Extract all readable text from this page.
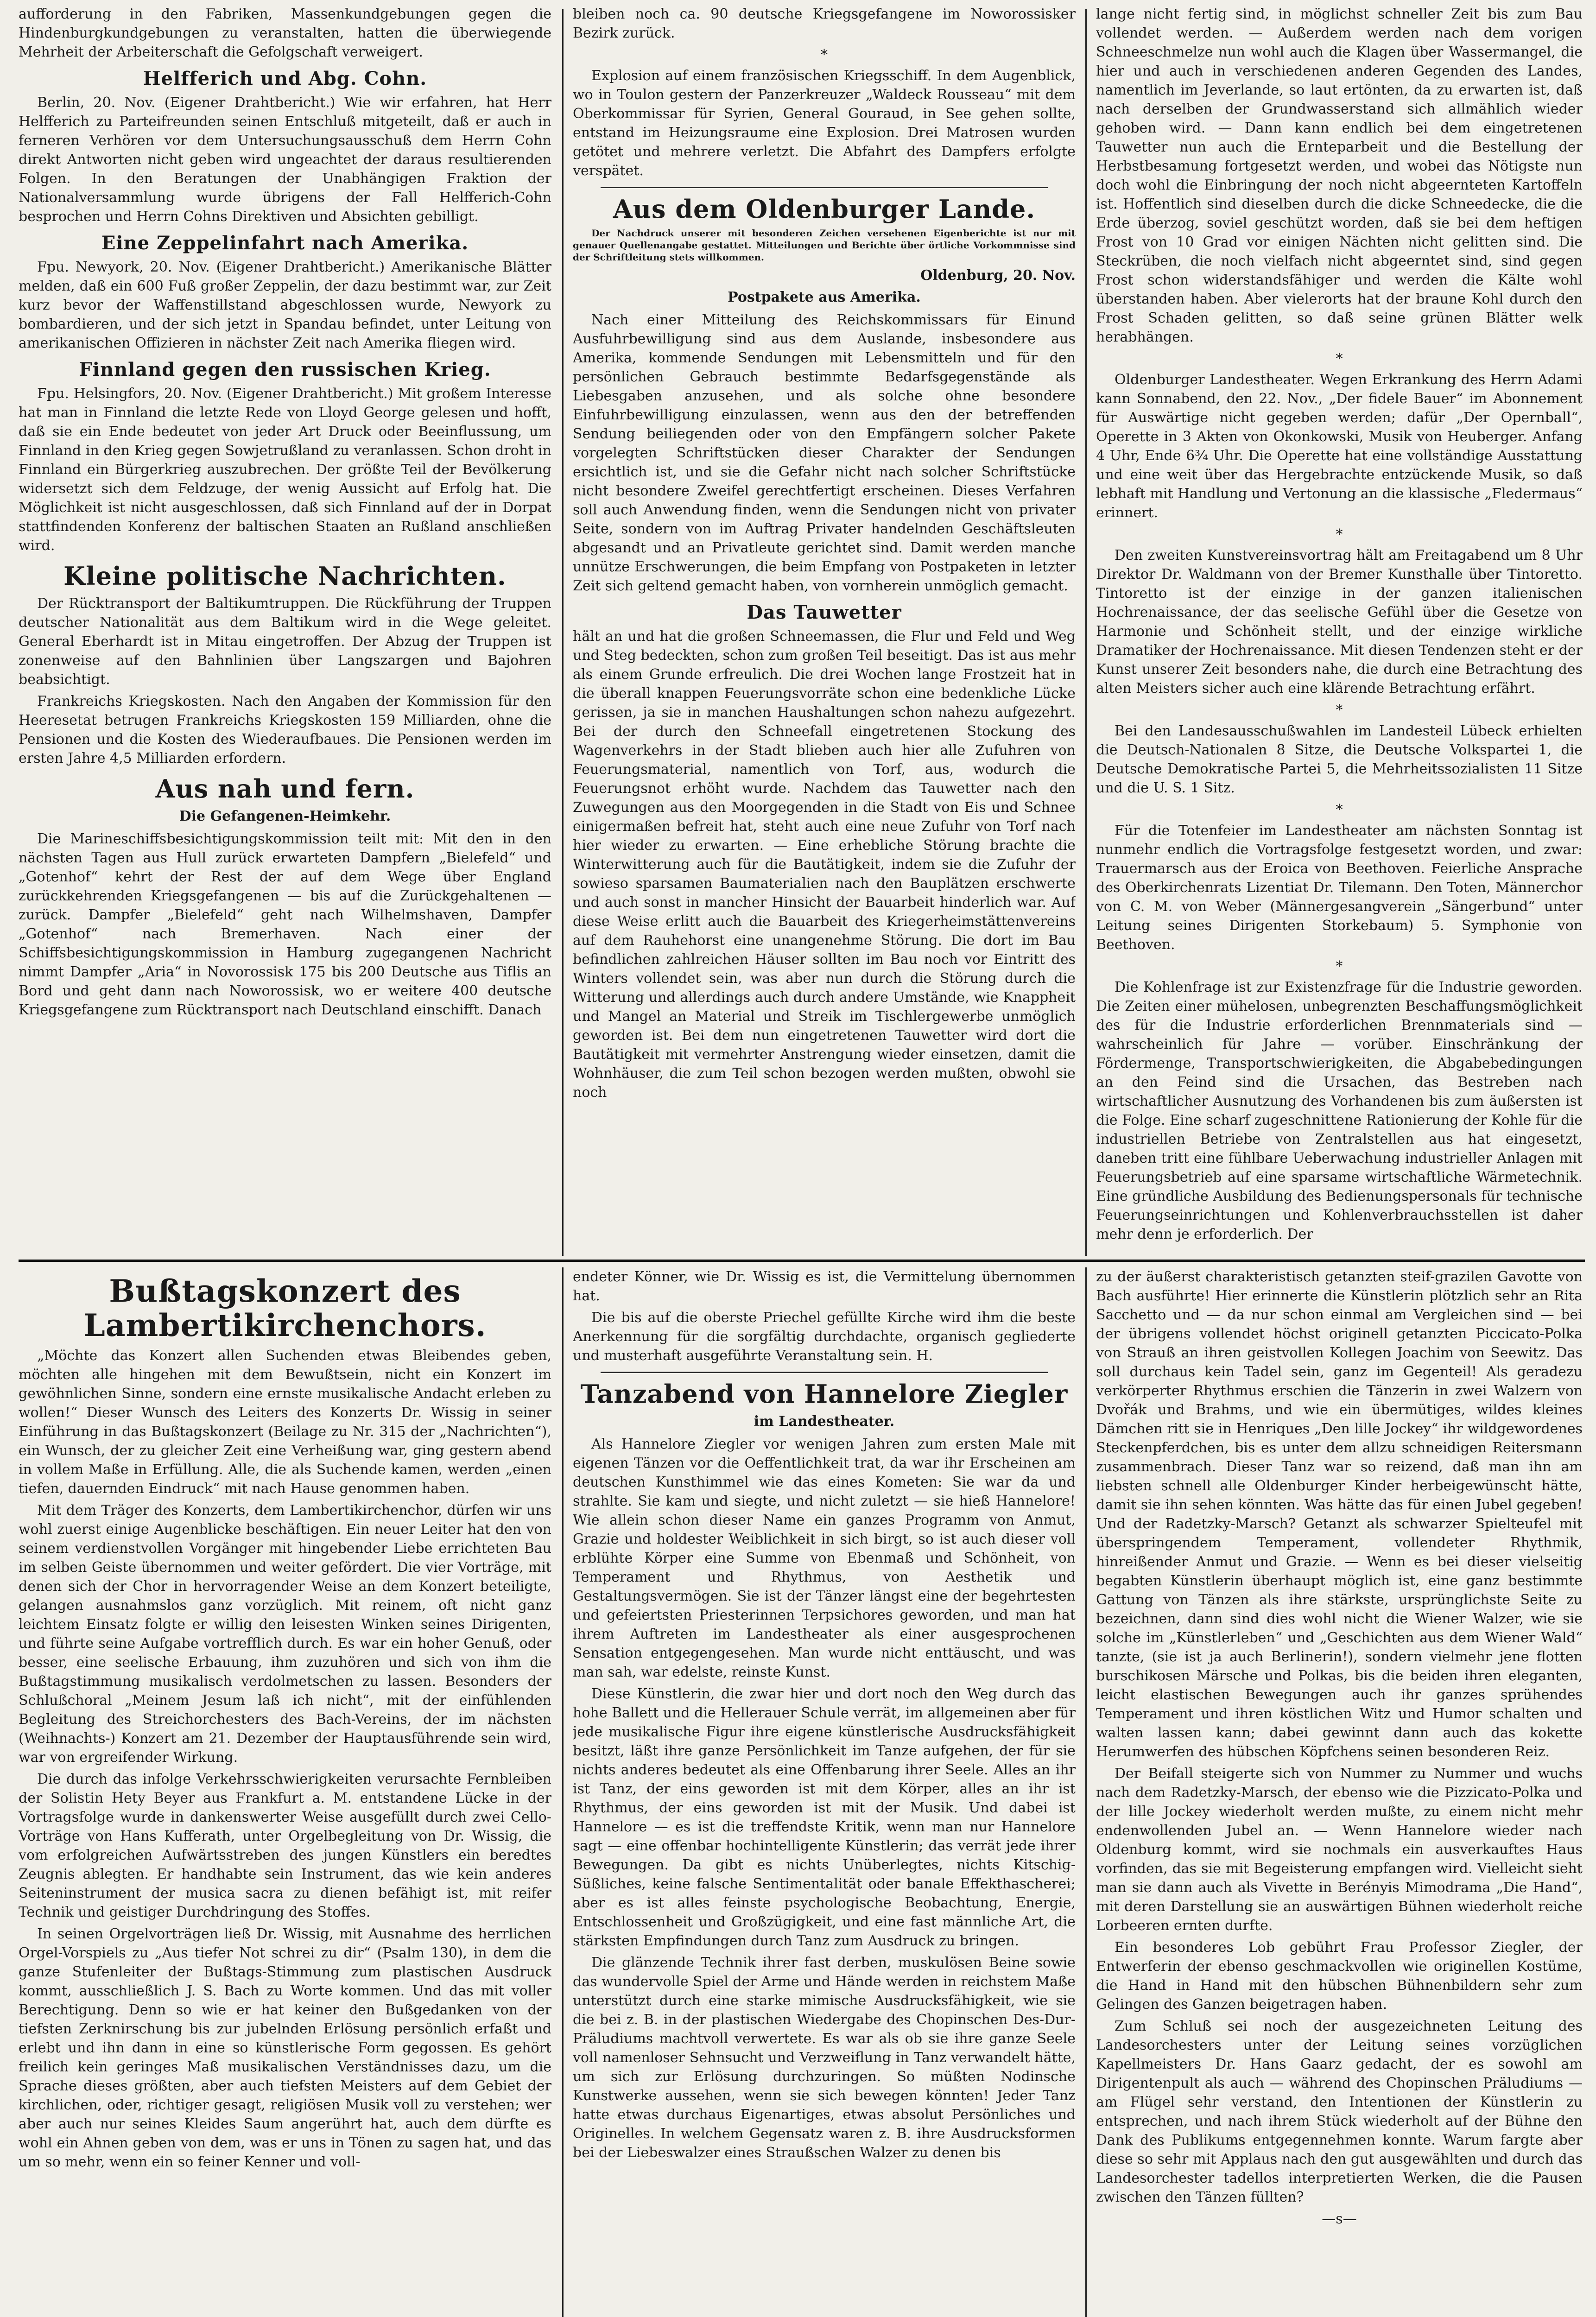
aufforderung in den Fabriken, Massenkundgebungen gegen die Hindenburgkundgebungen zu veranstalten, hatten die überwiegende Mehrheit der Arbeiterschaft die Gefolgschaft verweigert.

Helfferich und Abg. Cohn.

Berlin, 20. Nov. (Eigener Drahtbericht.) Wie wir erfahren, hat Herr Helfferich zu Parteifreunden seinen Entschluß mitgeteilt, daß er auch in ferneren Verhören vor dem Untersuchungsausschuß dem Herrn Cohn direkt Antworten nicht geben wird ungeachtet der daraus resultierenden Folgen. In den Beratungen der Unabhängigen Fraktion der Nationalversammlung wurde übrigens der Fall Helfferich-Cohn besprochen und Herrn Cohns Direktiven und Absichten gebilligt.

Eine Zeppelinfahrt nach Amerika.

Fpu. Newyork, 20. Nov. (Eigener Drahtbericht.) Amerikanische Blätter melden, daß ein 600 Fuß großer Zeppelin, der dazu bestimmt war, zur Zeit kurz bevor der Waffenstillstand abgeschlossen wurde, Newyork zu bombardieren, und der sich jetzt in Spandau befindet, unter Leitung von amerikanischen Offizieren in nächster Zeit nach Amerika fliegen wird.

Finnland gegen den russischen Krieg.

Fpu. Helsingfors, 20. Nov. (Eigener Drahtbericht.) Mit großem Interesse hat man in Finnland die letzte Rede von Lloyd George gelesen und hofft, daß sie ein Ende bedeutet von jeder Art Druck oder Beeinflussung, um Finnland in den Krieg gegen Sowjetrußland zu veranlassen. Schon droht in Finnland ein Bürgerkrieg auszubrechen. Der größte Teil der Bevölkerung widersetzt sich dem Feldzuge, der wenig Aussicht auf Erfolg hat. Die Möglichkeit ist nicht ausgeschlossen, daß sich Finnland auf der in Dorpat stattfindenden Konferenz der baltischen Staaten an Rußland anschließen wird.

Kleine politische Nachrichten.

Der Rücktransport der Baltikumtruppen. Die Rückführung der Truppen deutscher Nationalität aus dem Baltikum wird in die Wege geleitet. General Eberhardt ist in Mitau eingetroffen. Der Abzug der Truppen ist zonenweise auf den Bahnlinien über Langszargen und Bajohren beabsichtigt.

Frankreichs Kriegskosten. Nach den Angaben der Kommission für den Heeresetat betrugen Frankreichs Kriegskosten 159 Milliarden, ohne die Pensionen und die Kosten des Wiederaufbaues. Die Pensionen werden im ersten Jahre 4,5 Milliarden erfordern.

Aus nah und fern.
Die Gefangenen-Heimkehr.

Die Marineschiffsbesichtigungskommission teilt mit: Mit den in den nächsten Tagen aus Hull zurück erwarteten Dampfern „Bielefeld“ und „Gotenhof“ kehrt der Rest der auf dem Wege über England zurückkehrenden Kriegsgefangenen — bis auf die Zurückgehaltenen — zurück. Dampfer „Bielefeld“ geht nach Wilhelmshaven, Dampfer „Gotenhof“ nach Bremerhaven. Nach einer der Schiffsbesichtigungskommission in Hamburg zugegangenen Nachricht nimmt Dampfer „Aria“ in Novorossisk 175 bis 200 Deutsche aus Tiflis an Bord und geht dann nach Noworossisk, wo er weitere 400 deutsche Kriegsgefangene zum Rücktransport nach Deutschland einschifft. Danach

bleiben noch ca. 90 deutsche Kriegsgefangene im Noworossisker Bezirk zurück.

*

Explosion auf einem französischen Kriegsschiff. In dem Augenblick, wo in Toulon gestern der Panzerkreuzer „Waldeck Rousseau“ mit dem Oberkommissar für Syrien, General Gouraud, in See gehen sollte, entstand im Heizungsraume eine Explosion. Drei Matrosen wurden getötet und mehrere verletzt. Die Abfahrt des Dampfers erfolgte verspätet.

Aus dem Oldenburger Lande.

Der Nachdruck unserer mit besonderen Zeichen versehenen Eigenberichte ist nur mit genauer Quellenangabe gestattet. Mitteilungen und Berichte über örtliche Vorkommnisse sind der Schriftleitung stets willkommen.

Oldenburg, 20. Nov.

Postpakete aus Amerika.

Nach einer Mitteilung des Reichskommissars für Einund Ausfuhrbewilligung sind aus dem Auslande, insbesondere aus Amerika, kommende Sendungen mit Lebensmitteln und für den persönlichen Gebrauch bestimmte Bedarfsgegenstände als Liebesgaben anzusehen, und als solche ohne besondere Einfuhrbewilligung einzulassen, wenn aus den der betreffenden Sendung beiliegenden oder von den Empfängern solcher Pakete vorgelegten Schriftstücken dieser Charakter der Sendungen ersichtlich ist, und sie die Gefahr nicht nach solcher Schriftstücke nicht besondere Zweifel gerechtfertigt erscheinen. Dieses Verfahren soll auch Anwendung finden, wenn die Sendungen nicht von privater Seite, sondern von im Auftrag Privater handelnden Geschäftsleuten abgesandt und an Privatleute gerichtet sind. Damit werden manche unnütze Erschwerungen, die beim Empfang von Postpaketen in letzter Zeit sich geltend gemacht haben, von vornherein unmöglich gemacht.

Das Tauwetter

hält an und hat die großen Schneemassen, die Flur und Feld und Weg und Steg bedeckten, schon zum großen Teil beseitigt. Das ist aus mehr als einem Grunde erfreulich. Die drei Wochen lange Frostzeit hat in die überall knappen Feuerungsvorräte schon eine bedenkliche Lücke gerissen, ja sie in manchen Haushaltungen schon nahezu aufgezehrt. Bei der durch den Schneefall eingetretenen Stockung des Wagenverkehrs in der Stadt blieben auch hier alle Zufuhren von Feuerungsmaterial, namentlich von Torf, aus, wodurch die Feuerungsnot erhöht wurde. Nachdem das Tauwetter nach den Zuwegungen aus den Moorgegenden in die Stadt von Eis und Schnee einigermaßen befreit hat, steht auch eine neue Zufuhr von Torf nach hier wieder zu erwarten. — Eine erhebliche Störung brachte die Winterwitterung auch für die Bautätigkeit, indem sie die Zufuhr der sowieso sparsamen Baumaterialien nach den Bauplätzen erschwerte und auch sonst in mancher Hinsicht der Bauarbeit hinderlich war. Auf diese Weise erlitt auch die Bauarbeit des Kriegerheimstättenvereins auf dem Rauhehorst eine unangenehme Störung. Die dort im Bau befindlichen zahlreichen Häuser sollten im Bau noch vor Eintritt des Winters vollendet sein, was aber nun durch die Störung durch die Witterung und allerdings auch durch andere Umstände, wie Knappheit und Mangel an Material und Streik im Tischlergewerbe unmöglich geworden ist. Bei dem nun eingetretenen Tauwetter wird dort die Bautätigkeit mit vermehrter Anstrengung wieder einsetzen, damit die Wohnhäuser, die zum Teil schon bezogen werden mußten, obwohl sie noch

lange nicht fertig sind, in möglichst schneller Zeit bis zum Bau vollendet werden. — Außerdem werden nach dem vorigen Schneeschmelze nun wohl auch die Klagen über Wassermangel, die hier und auch in verschiedenen anderen Gegenden des Landes, namentlich im Jeverlande, so laut ertönten, da zu erwarten ist, daß nach derselben der Grundwasserstand sich allmählich wieder gehoben wird. — Dann kann endlich bei dem eingetretenen Tauwetter nun auch die Ernteparbeit und die Bestellung der Herbstbesamung fortgesetzt werden, und wobei das Nötigste nun doch wohl die Einbringung der noch nicht abgeernteten Kartoffeln ist. Hoffentlich sind dieselben durch die dicke Schneedecke, die die Erde überzog, soviel geschützt worden, daß sie bei dem heftigen Frost von 10 Grad vor einigen Nächten nicht gelitten sind. Die Steckrüben, die noch vielfach nicht abgeerntet sind, sind gegen Frost schon widerstandsfähiger und werden die Kälte wohl überstanden haben. Aber vielerorts hat der braune Kohl durch den Frost Schaden gelitten, so daß seine grünen Blätter welk herabhängen.

*

Oldenburger Landestheater. Wegen Erkrankung des Herrn Adami kann Sonnabend, den 22. Nov., „Der fidele Bauer“ im Abonnement für Auswärtige nicht gegeben werden; dafür „Der Opernball“, Operette in 3 Akten von Okonkowski, Musik von Heuberger. Anfang 4 Uhr, Ende 6¾ Uhr. Die Operette hat eine vollständige Ausstattung und eine weit über das Hergebrachte entzückende Musik, so daß lebhaft mit Handlung und Vertonung an die klassische „Fledermaus“ erinnert.

*

Den zweiten Kunstvereinsvortrag hält am Freitagabend um 8 Uhr Direktor Dr. Waldmann von der Bremer Kunsthalle über Tintoretto. Tintoretto ist der einzige in der ganzen italienischen Hochrenaissance, der das seelische Gefühl über die Gesetze von Harmonie und Schönheit stellt, und der einzige wirkliche Dramatiker der Hochrenaissance. Mit diesen Tendenzen steht er der Kunst unserer Zeit besonders nahe, die durch eine Betrachtung des alten Meisters sicher auch eine klärende Betrachtung erfährt.

*

Bei den Landesausschußwahlen im Landesteil Lübeck erhielten die Deutsch-Nationalen 8 Sitze, die Deutsche Volkspartei 1, die Deutsche Demokratische Partei 5, die Mehrheitssozialisten 11 Sitze und die U. S. 1 Sitz.

*

Für die Totenfeier im Landestheater am nächsten Sonntag ist nunmehr endlich die Vortragsfolge festgesetzt worden, und zwar: Trauermarsch aus der Eroica von Beethoven. Feierliche Ansprache des Oberkirchenrats Lizentiat Dr. Tilemann. Den Toten, Männerchor von C. M. von Weber (Männergesangverein „Sängerbund“ unter Leitung seines Dirigenten Storkebaum) 5. Symphonie von Beethoven.

*

Die Kohlenfrage ist zur Existenzfrage für die Industrie geworden. Die Zeiten einer mühelosen, unbegrenzten Beschaffungsmöglichkeit des für die Industrie erforderlichen Brennmaterials sind — wahrscheinlich für Jahre — vorüber. Einschränkung der Fördermenge, Transportschwierigkeiten, die Abgabebedingungen an den Feind sind die Ursachen, das Bestreben nach wirtschaftlicher Ausnutzung des Vorhandenen bis zum äußersten ist die Folge. Eine scharf zugeschnittene Rationierung der Kohle für die industriellen Betriebe von Zentralstellen aus hat eingesetzt, daneben tritt eine fühlbare Ueberwachung industrieller Anlagen mit Feuerungsbetrieb auf eine sparsame wirtschaftliche Wärmetechnik. Eine gründliche Ausbildung des Bedienungspersonals für technische Feuerungseinrichtungen und Kohlenverbrauchsstellen ist daher mehr denn je erforderlich. Der

Bußtagskonzert des Lambertikirchenchors.

„Möchte das Konzert allen Suchenden etwas Bleibendes geben, möchten alle hingehen mit dem Bewußtsein, nicht ein Konzert im gewöhnlichen Sinne, sondern eine ernste musikalische Andacht erleben zu wollen!“ Dieser Wunsch des Leiters des Konzerts Dr. Wissig in seiner Einführung in das Bußtagskonzert (Beilage zu Nr. 315 der „Nachrichten“), ein Wunsch, der zu gleicher Zeit eine Verheißung war, ging gestern abend in vollem Maße in Erfüllung. Alle, die als Suchende kamen, werden „einen tiefen, dauernden Eindruck“ mit nach Hause genommen haben.

Mit dem Träger des Konzerts, dem Lambertikirchenchor, dürfen wir uns wohl zuerst einige Augenblicke beschäftigen. Ein neuer Leiter hat den von seinem verdienstvollen Vorgänger mit hingebender Liebe errichteten Bau im selben Geiste übernommen und weiter gefördert. Die vier Vorträge, mit denen sich der Chor in hervorragender Weise an dem Konzert beteiligte, gelangen ausnahmslos ganz vorzüglich. Mit reinem, oft nicht ganz leichtem Einsatz folgte er willig den leisesten Winken seines Dirigenten, und führte seine Aufgabe vortrefflich durch. Es war ein hoher Genuß, oder besser, eine seelische Erbauung, ihm zuzuhören und sich von ihm die Bußtagstimmung musikalisch verdolmetschen zu lassen. Besonders der Schlußchoral „Meinem Jesum laß ich nicht“, mit der einfühlenden Begleitung des Streichorchesters des Bach-Vereins, der im nächsten (Weihnachts-) Konzert am 21. Dezember der Hauptausführende sein wird, war von ergreifender Wirkung.

Die durch das infolge Verkehrsschwierigkeiten verursachte Fernbleiben der Solistin Hety Beyer aus Frankfurt a. M. entstandene Lücke in der Vortragsfolge wurde in dankenswerter Weise ausgefüllt durch zwei Cello-Vorträge von Hans Kufferath, unter Orgelbegleitung von Dr. Wissig, die vom erfolgreichen Aufwärtsstreben des jungen Künstlers ein beredtes Zeugnis ablegten. Er handhabte sein Instrument, das wie kein anderes Seiteninstrument der musica sacra zu dienen befähigt ist, mit reifer Technik und geistiger Durchdringung des Stoffes.

In seinen Orgelvorträgen ließ Dr. Wissig, mit Ausnahme des herrlichen Orgel-Vorspiels zu „Aus tiefer Not schrei zu dir“ (Psalm 130), in dem die ganze Stufenleiter der Bußtags-Stimmung zum plastischen Ausdruck kommt, ausschließlich J. S. Bach zu Worte kommen. Und das mit voller Berechtigung. Denn so wie er hat keiner den Bußgedanken von der tiefsten Zerknirschung bis zur jubelnden Erlösung persönlich erfaßt und erlebt und ihn dann in eine so künstlerische Form gegossen. Es gehört freilich kein geringes Maß musikalischen Verständnisses dazu, um die Sprache dieses größten, aber auch tiefsten Meisters auf dem Gebiet der kirchlichen, oder, richtiger gesagt, religiösen Musik voll zu verstehen; wer aber auch nur seines Kleides Saum angerührt hat, auch dem dürfte es wohl ein Ahnen geben von dem, was er uns in Tönen zu sagen hat, und das um so mehr, wenn ein so feiner Kenner und voll-

endeter Könner, wie Dr. Wissig es ist, die Vermittelung übernommen hat.

Die bis auf die oberste Priechel gefüllte Kirche wird ihm die beste Anerkennung für die sorgfältig durchdachte, organisch gegliederte und musterhaft ausgeführte Veranstaltung sein. H.

Tanzabend von Hannelore Ziegler
im Landestheater.

Als Hannelore Ziegler vor wenigen Jahren zum ersten Male mit eigenen Tänzen vor die Oeffentlichkeit trat, da war ihr Erscheinen am deutschen Kunsthimmel wie das eines Kometen: Sie war da und strahlte. Sie kam und siegte, und nicht zuletzt — sie hieß Hannelore! Wie allein schon dieser Name ein ganzes Programm von Anmut, Grazie und holdester Weiblichkeit in sich birgt, so ist auch dieser voll erblühte Körper eine Summe von Ebenmaß und Schönheit, von Temperament und Rhythmus, von Aesthetik und Gestaltungsvermögen. Sie ist der Tänzer längst eine der begehrtesten und gefeiertsten Priesterinnen Terpsichores geworden, und man hat ihrem Auftreten im Landestheater als einer ausgesprochenen Sensation entgegengesehen. Man wurde nicht enttäuscht, und was man sah, war edelste, reinste Kunst.

Diese Künstlerin, die zwar hier und dort noch den Weg durch das hohe Ballett und die Hellerauer Schule verrät, im allgemeinen aber für jede musikalische Figur ihre eigene künstlerische Ausdrucksfähigkeit besitzt, läßt ihre ganze Persönlichkeit im Tanze aufgehen, der für sie nichts anderes bedeutet als eine Offenbarung ihrer Seele. Alles an ihr ist Tanz, der eins geworden ist mit dem Körper, alles an ihr ist Rhythmus, der eins geworden ist mit der Musik. Und dabei ist Hannelore — es ist die treffendste Kritik, wenn man nur Hannelore sagt — eine offenbar hochintelligente Künstlerin; das verrät jede ihrer Bewegungen. Da gibt es nichts Unüberlegtes, nichts Kitschig-Süßliches, keine falsche Sentimentalität oder banale Effekthascherei; aber es ist alles feinste psychologische Beobachtung, Energie, Entschlossenheit und Großzügigkeit, und eine fast männliche Art, die stärksten Empfindungen durch Tanz zum Ausdruck zu bringen.

Die glänzende Technik ihrer fast derben, muskulösen Beine sowie das wundervolle Spiel der Arme und Hände werden in reichstem Maße unterstützt durch eine starke mimische Ausdrucksfähigkeit, wie sie die bei z. B. in der plastischen Wiedergabe des Chopinschen Des-Dur-Präludiums machtvoll verwertete. Es war als ob sie ihre ganze Seele voll namenloser Sehnsucht und Verzweiflung in Tanz verwandelt hätte, um sich zur Erlösung durchzuringen. So müßten Nodinsche Kunstwerke aussehen, wenn sie sich bewegen könnten! Jeder Tanz hatte etwas durchaus Eigenartiges, etwas absolut Persönliches und Originelles. In welchem Gegensatz waren z. B. ihre Ausdrucksformen bei der Liebeswalzer eines Straußschen Walzer zu denen bis

zu der äußerst charakteristisch getanzten steif-grazilen Gavotte von Bach ausführte! Hier erinnerte die Künstlerin plötzlich sehr an Rita Sacchetto und — da nur schon einmal am Vergleichen sind — bei der übrigens vollendet höchst originell getanzten Piccicato-Polka von Strauß an ihren geistvollen Kollegen Joachim von Seewitz. Das soll durchaus kein Tadel sein, ganz im Gegenteil! Als geradezu verkörperter Rhythmus erschien die Tänzerin in zwei Walzern von Dvořák und Brahms, und wie ein übermütiges, wildes kleines Dämchen ritt sie in Henriques „Den lille Jockey“ ihr wildgewordenes Steckenpferdchen, bis es unter dem allzu schneidigen Reitersmann zusammenbrach. Dieser Tanz war so reizend, daß man ihn am liebsten schnell alle Oldenburger Kinder herbeigewünscht hätte, damit sie ihn sehen könnten. Was hätte das für einen Jubel gegeben! Und der Radetzky-Marsch? Getanzt als schwarzer Spielteufel mit überspringendem Temperament, vollendeter Rhythmik, hinreißender Anmut und Grazie. — Wenn es bei dieser vielseitig begabten Künstlerin überhaupt möglich ist, eine ganz bestimmte Gattung von Tänzen als ihre stärkste, ursprünglichste Seite zu bezeichnen, dann sind dies wohl nicht die Wiener Walzer, wie sie solche im „Künstlerleben“ und „Geschichten aus dem Wiener Wald“ tanzte, (sie ist ja auch Berlinerin!), sondern vielmehr jene flotten burschikosen Märsche und Polkas, bis die beiden ihren eleganten, leicht elastischen Bewegungen auch ihr ganzes sprühendes Temperament und ihren köstlichen Witz und Humor schalten und walten lassen kann; dabei gewinnt dann auch das kokette Herumwerfen des hübschen Köpfchens seinen besonderen Reiz.

Der Beifall steigerte sich von Nummer zu Nummer und wuchs nach dem Radetzky-Marsch, der ebenso wie die Pizzicato-Polka und der lille Jockey wiederholt werden mußte, zu einem nicht mehr endenwollenden Jubel an. — Wenn Hannelore wieder nach Oldenburg kommt, wird sie nochmals ein ausverkauftes Haus vorfinden, das sie mit Begeisterung empfangen wird. Vielleicht sieht man sie dann auch als Vivette in Berényis Mimodrama „Die Hand“, mit deren Darstellung sie an auswärtigen Bühnen wiederholt reiche Lorbeeren ernten durfte.

Ein besonderes Lob gebührt Frau Professor Ziegler, der Entwerferin der ebenso geschmackvollen wie originellen Kostüme, die Hand in Hand mit den hübschen Bühnenbildern sehr zum Gelingen des Ganzen beigetragen haben.

Zum Schluß sei noch der ausgezeichneten Leitung des Landesorchesters unter der Leitung seines vorzüglichen Kapellmeisters Dr. Hans Gaarz gedacht, der es sowohl am Dirigentenpult als auch — während des Chopinschen Präludiums — am Flügel sehr verstand, den Intentionen der Künstlerin zu entsprechen, und nach ihrem Stück wiederholt auf der Bühne den Dank des Publikums entgegennehmen konnte. Warum fargte aber diese so sehr mit Applaus nach den gut ausgewählten und durch das Landesorchester tadellos interpretierten Werken, die die Pausen zwischen den Tänzen füllten?

—s—
